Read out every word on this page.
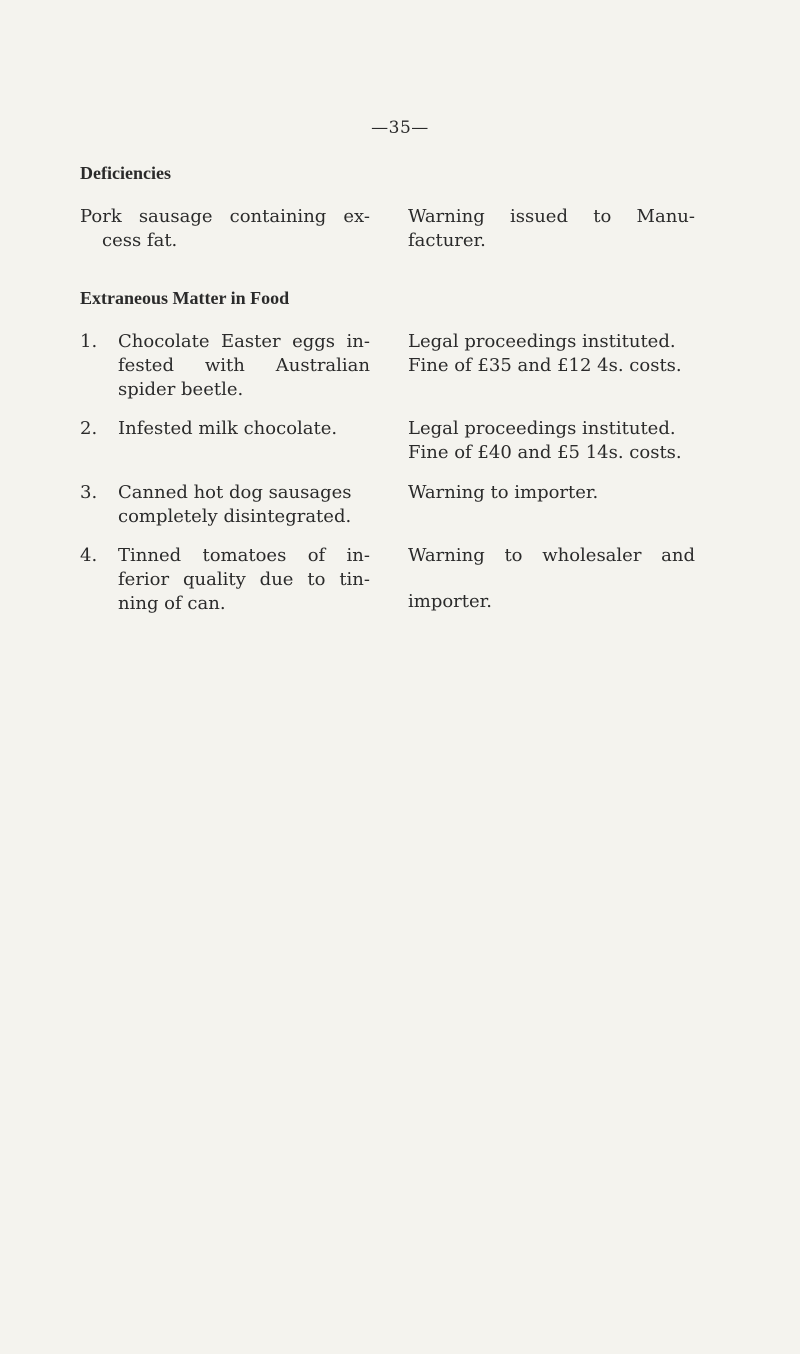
—35—
Deficiencies
Pork sausage containing ex-
cess fat.
Warning issued to Manu-
facturer.
Extraneous Matter in Food
1. Chocolate Easter eggs in-
fested with Australian
spider beetle.
Legal proceedings instituted.
Fine of £35 and £12 4s. costs.
2. Infested milk chocolate.	Legal proceedings instituted.
Fine of £40 and £5 14s. costs.
3. Canned hot dog sausages
completely disintegrated.
Warning to importer.
4. Tinned tomatoes of in-
ferior quality due to tin-
ning of can.
Warning to wholesaler and
importer.
